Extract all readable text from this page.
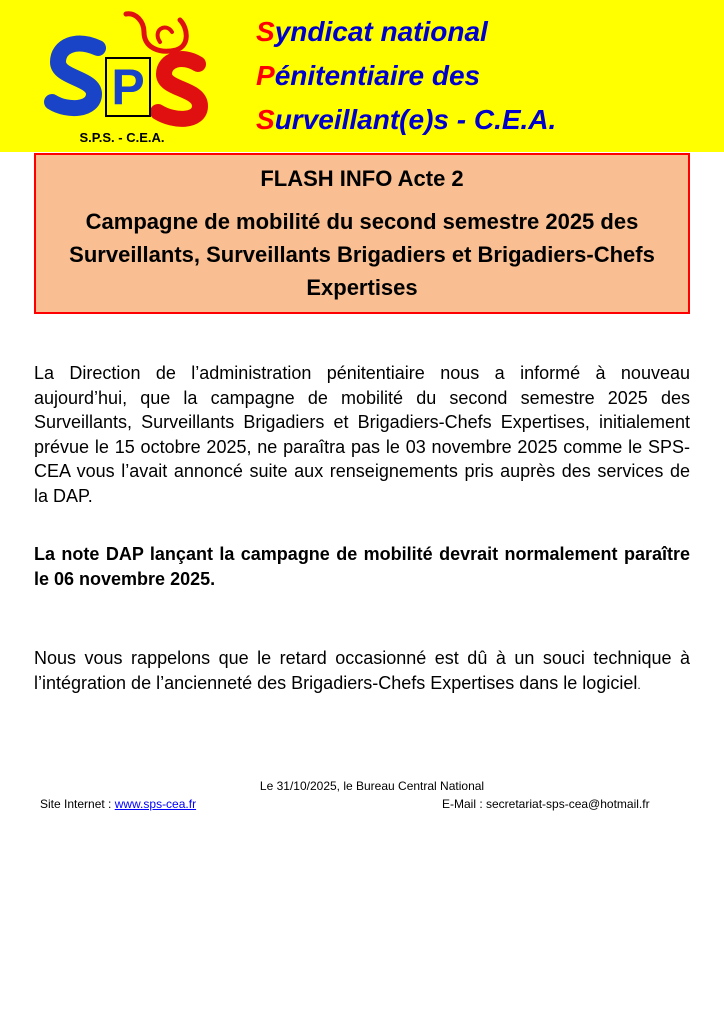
P
S.P.S. - C.E.A.
Syndicat national
Pénitentiaire des
Surveillant(e)s - C.E.A.
FLASH INFO Acte 2
Campagne de mobilité du second semestre 2025 des Surveillants, Surveillants Brigadiers et Brigadiers-Chefs Expertises
La Direction de l’administration pénitentiaire nous a informé à nouveau aujourd’hui, que la campagne de mobilité du second semestre 2025 des Surveillants, Surveillants Brigadiers et Brigadiers-Chefs Expertises, initialement prévue le 15 octobre 2025, ne paraîtra pas le 03 novembre 2025 comme le SPS-CEA vous l’avait annoncé suite aux renseignements pris auprès des services de la DAP.
La note DAP lançant la campagne de mobilité devrait normalement paraître le 06 novembre 2025.
Nous vous rappelons que le retard occasionné est dû à un souci technique à l’intégration de l’ancienneté des Brigadiers-Chefs Expertises dans le logiciel.
Le 31/10/2025, le Bureau Central National
Site Internet : www.sps-cea.fr	E-Mail : secretariat-sps-cea@hotmail.fr
